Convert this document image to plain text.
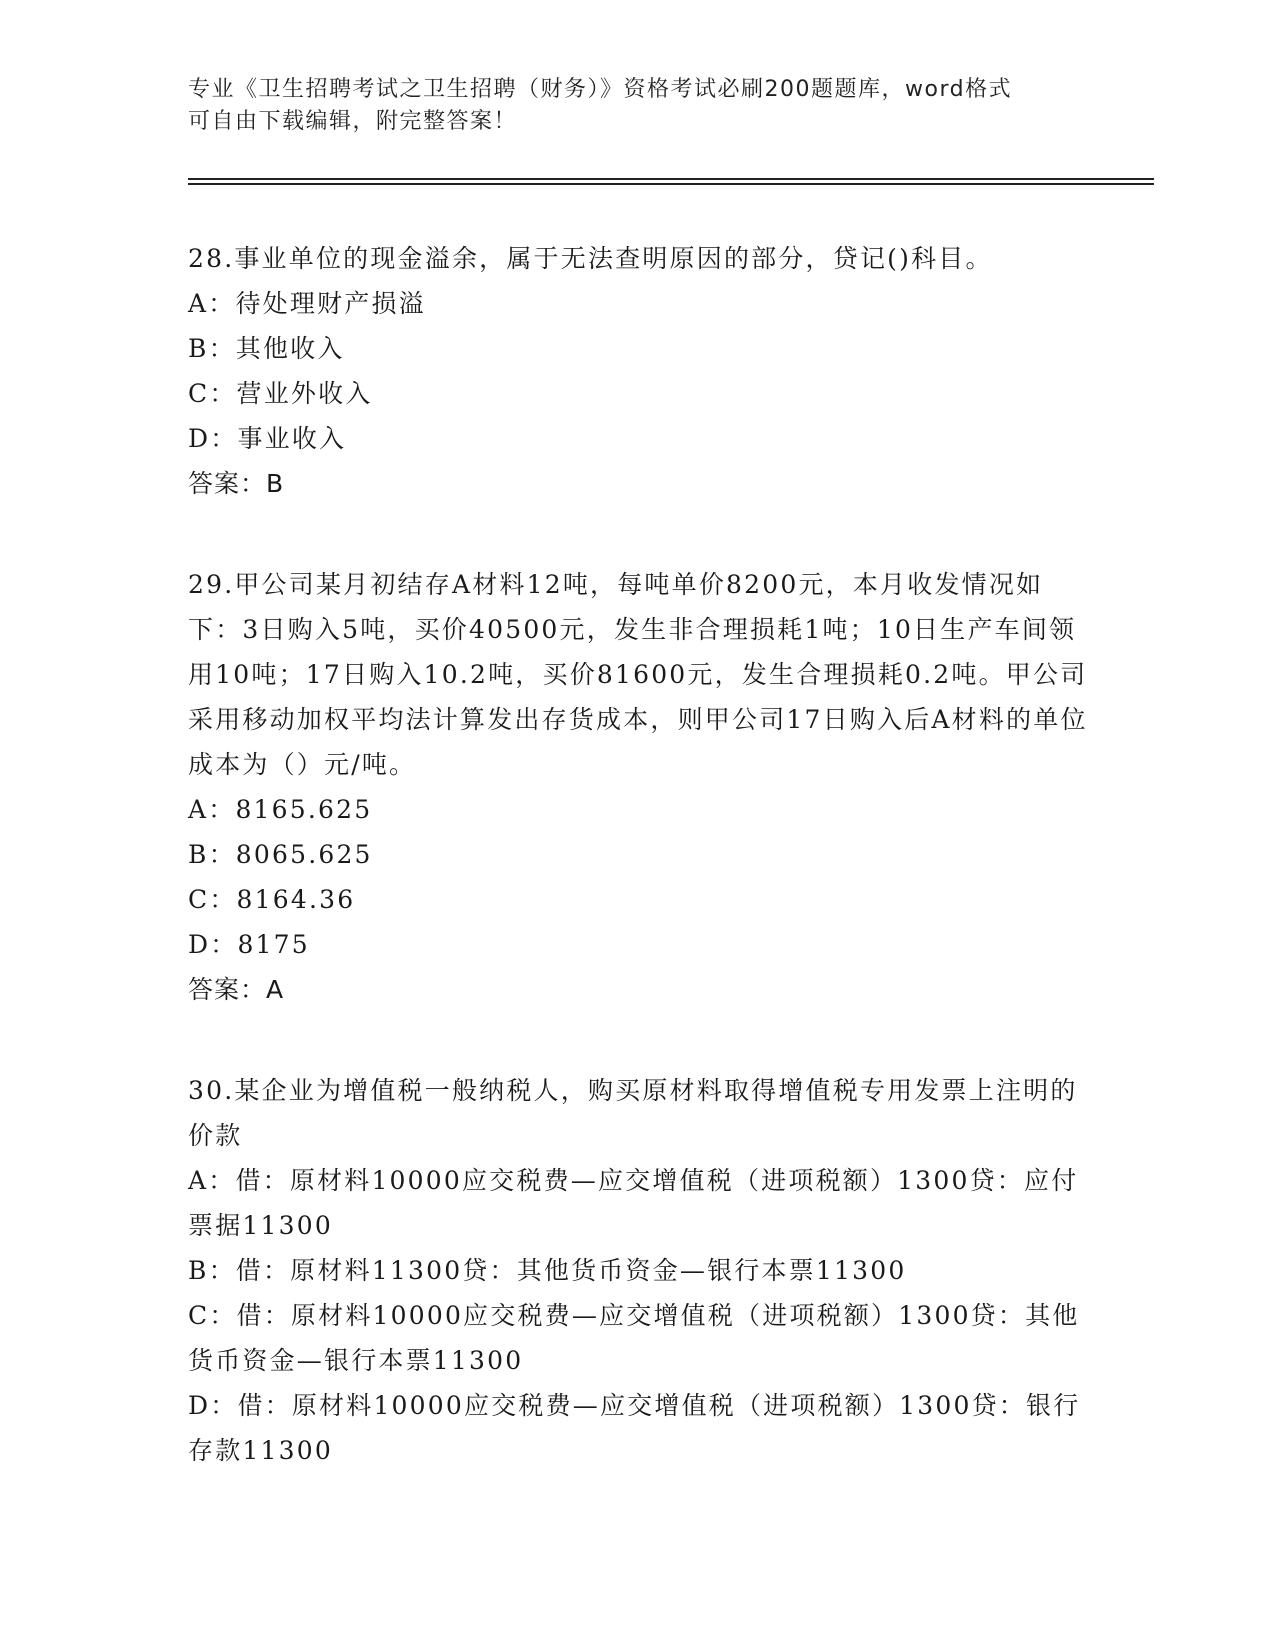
专业《卫生招聘考试之卫生招聘（财务）》资格考试必刷200题题库，word格式
可自由下载编辑，附完整答案！
28.事业单位的现金溢余，属于无法查明原因的部分，贷记()科目。
A：待处理财产损溢
B：其他收入
C：营业外收入
D：事业收入
答案：B
29.甲公司某月初结存A材料12吨，每吨单价8200元，本月收发情况如下：3日购入5吨，买价40500元，发生非合理损耗1吨；10日生产车间领用10吨；17日购入10.2吨，买价81600元，发生合理损耗0.2吨。甲公司采用移动加权平均法计算发出存货成本，则甲公司17日购入后A材料的单位成本为（）元/吨。
A：8165.625
B：8065.625
C：8164.36
D：8175
答案：A
30.某企业为增值税一般纳税人，购买原材料取得增值税专用发票上注明的价款
A：借：原材料10000应交税费—应交增值税（进项税额）1300贷：应付票据11300
B：借：原材料11300贷：其他货币资金—银行本票11300
C：借：原材料10000应交税费—应交增值税（进项税额）1300贷：其他货币资金—银行本票11300
D：借：原材料10000应交税费—应交增值税（进项税额）1300贷：银行存款11300
